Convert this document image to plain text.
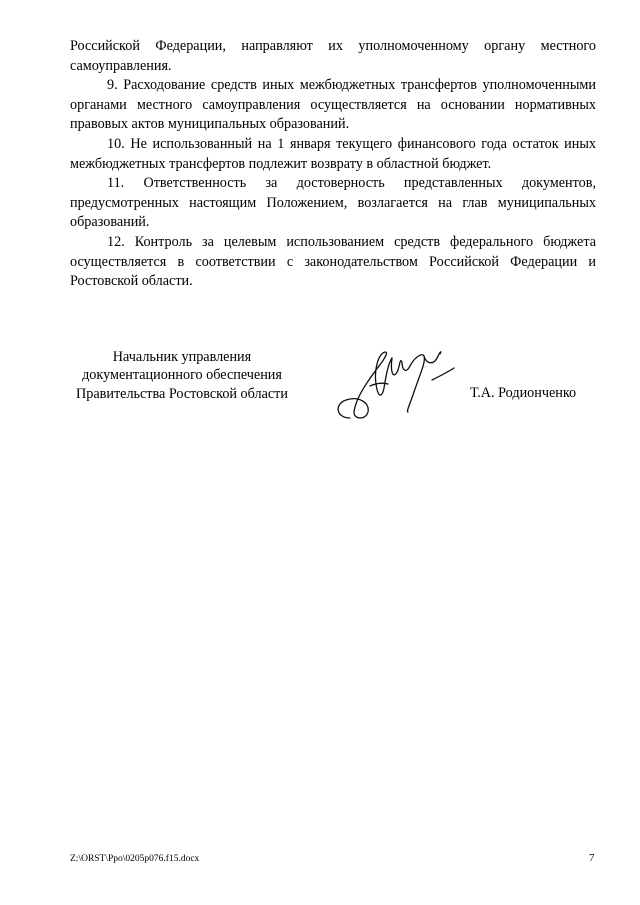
Российской Федерации, направляют их уполномоченному органу местного самоуправления.

9. Расходование средств иных межбюджетных трансфертов уполномоченными органами местного самоуправления осуществляется на основании нормативных правовых актов муниципальных образований.

10. Не использованный на 1 января текущего финансового года остаток иных межбюджетных трансфертов подлежит возврату в областной бюджет.

11. Ответственность за достоверность представленных документов, предусмотренных настоящим Положением, возлагается на глав муниципальных образований.

12. Контроль за целевым использованием средств федерального бюджета осуществляется в соответствии с законодательством Российской Федерации и Ростовской области.

Начальник управления
документационного обеспечения
Правительства Ростовской области	Т.А. Родионченко
Z:\ORST\Ppo\0205p076.f15.docx	7
